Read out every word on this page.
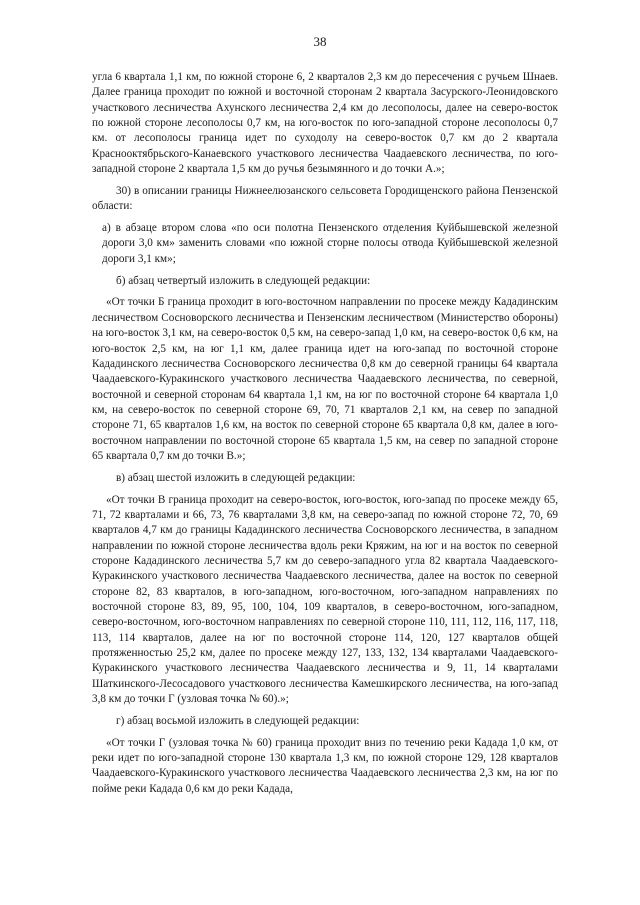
38

угла 6 квартала 1,1 км, по южной стороне 6, 2 кварталов 2,3 км до пересечения с ручьем Шнаев. Далее граница проходит по южной и восточной сторонам 2 квартала Засурского-Леонидовского участкового лесничества Ахунского лесничества 2,4 км до лесополосы, далее на северо-восток по южной стороне лесополосы 0,7 км, на юго-восток по юго-западной стороне лесополосы 0,7 км. от лесополосы граница идет по суходолу на северо-восток 0,7 км до 2 квартала Краснооктябрьского-Канаевского участкового лесничества Чаадаевского лесничества, по юго-западной стороне 2 квартала 1,5 км до ручья безымянного и до точки А.»;

30) в описании границы Нижнеелюзанского сельсовета Городищенского района Пензенской области:

а) в абзаце втором слова «по оси полотна Пензенского отделения Куйбышевской железной дороги 3,0 км» заменить словами «по южной сторне полосы отвода Куйбышевской железной дороги 3,1 км»;

б) абзац четвертый изложить в следующей редакции:

«От точки Б граница проходит в юго-восточном направлении по просеке между Кададинским лесничеством Сосноворского лесничества и Пензенским лесничеством (Министерство обороны) на юго-восток 3,1 км, на северо-восток 0,5 км, на северо-запад 1,0 км, на северо-восток 0,6 км, на юго-восток 2,5 км, на юг 1,1 км, далее граница идет на юго-запад по восточной стороне Кададинского лесничества Сосноворского лесничества 0,8 км до северной границы 64 квартала Чаадаевского-Куракинского участкового лесничества Чаадаевского лесничества, по северной, восточной и северной сторонам 64 квартала 1,1 км, на юг по восточной стороне 64 квартала 1,0 км, на северо-восток по северной стороне 69, 70, 71 кварталов 2,1 км, на север по западной стороне 71, 65 кварталов 1,6 км, на восток по северной стороне 65 квартала 0,8 км, далее в юго-восточном направлении по восточной стороне 65 квартала 1,5 км, на север по западной стороне 65 квартала 0,7 км до точки В.»;

в) абзац шестой изложить в следующей редакции:

«От точки В граница проходит на северо-восток, юго-восток, юго-запад по просеке между 65, 71, 72 кварталами и 66, 73, 76 кварталами 3,8 км, на северо-запад по южной стороне 72, 70, 69 кварталов 4,7 км до границы Кададинского лесничества Сосноворского лесничества, в западном направлении по южной стороне лесничества вдоль реки Кряжим, на юг и на восток по северной стороне Кададинского лесничества 5,7 км до северо-западного угла 82 квартала Чаадаевского-Куракинского участкового лесничества Чаадаевского лесничества, далее на восток по северной стороне 82, 83 кварталов, в юго-западном, юго-восточном, юго-западном направлениях по восточной стороне 83, 89, 95, 100, 104, 109 кварталов, в северо-восточном, юго-западном, северо-восточном, юго-восточном направлениях по северной стороне 110, 111, 112, 116, 117, 118, 113, 114 кварталов, далее на юг по восточной стороне 114, 120, 127 кварталов общей протяженностью 25,2 км, далее по просеке между 127, 133, 132, 134 кварталами Чаадаевского-Куракинского участкового лесничества Чаадаевского лесничества и 9, 11, 14 кварталами Шаткинского-Лесосадового участкового лесничества Камешкирского лесничества, на юго-запад 3,8 км до точки Г (узловая точка № 60).»;

г) абзац восьмой изложить в следующей редакции:

«От точки Г (узловая точка № 60) граница проходит вниз по течению реки Кадада 1,0 км, от реки идет по юго-западной стороне 130 квартала 1,3 км, по южной стороне 129, 128 кварталов Чаадаевского-Куракинского участкового лесничества Чаадаевского лесничества 2,3 км, на юг по пойме реки Кадада 0,6 км до реки Кадада,
